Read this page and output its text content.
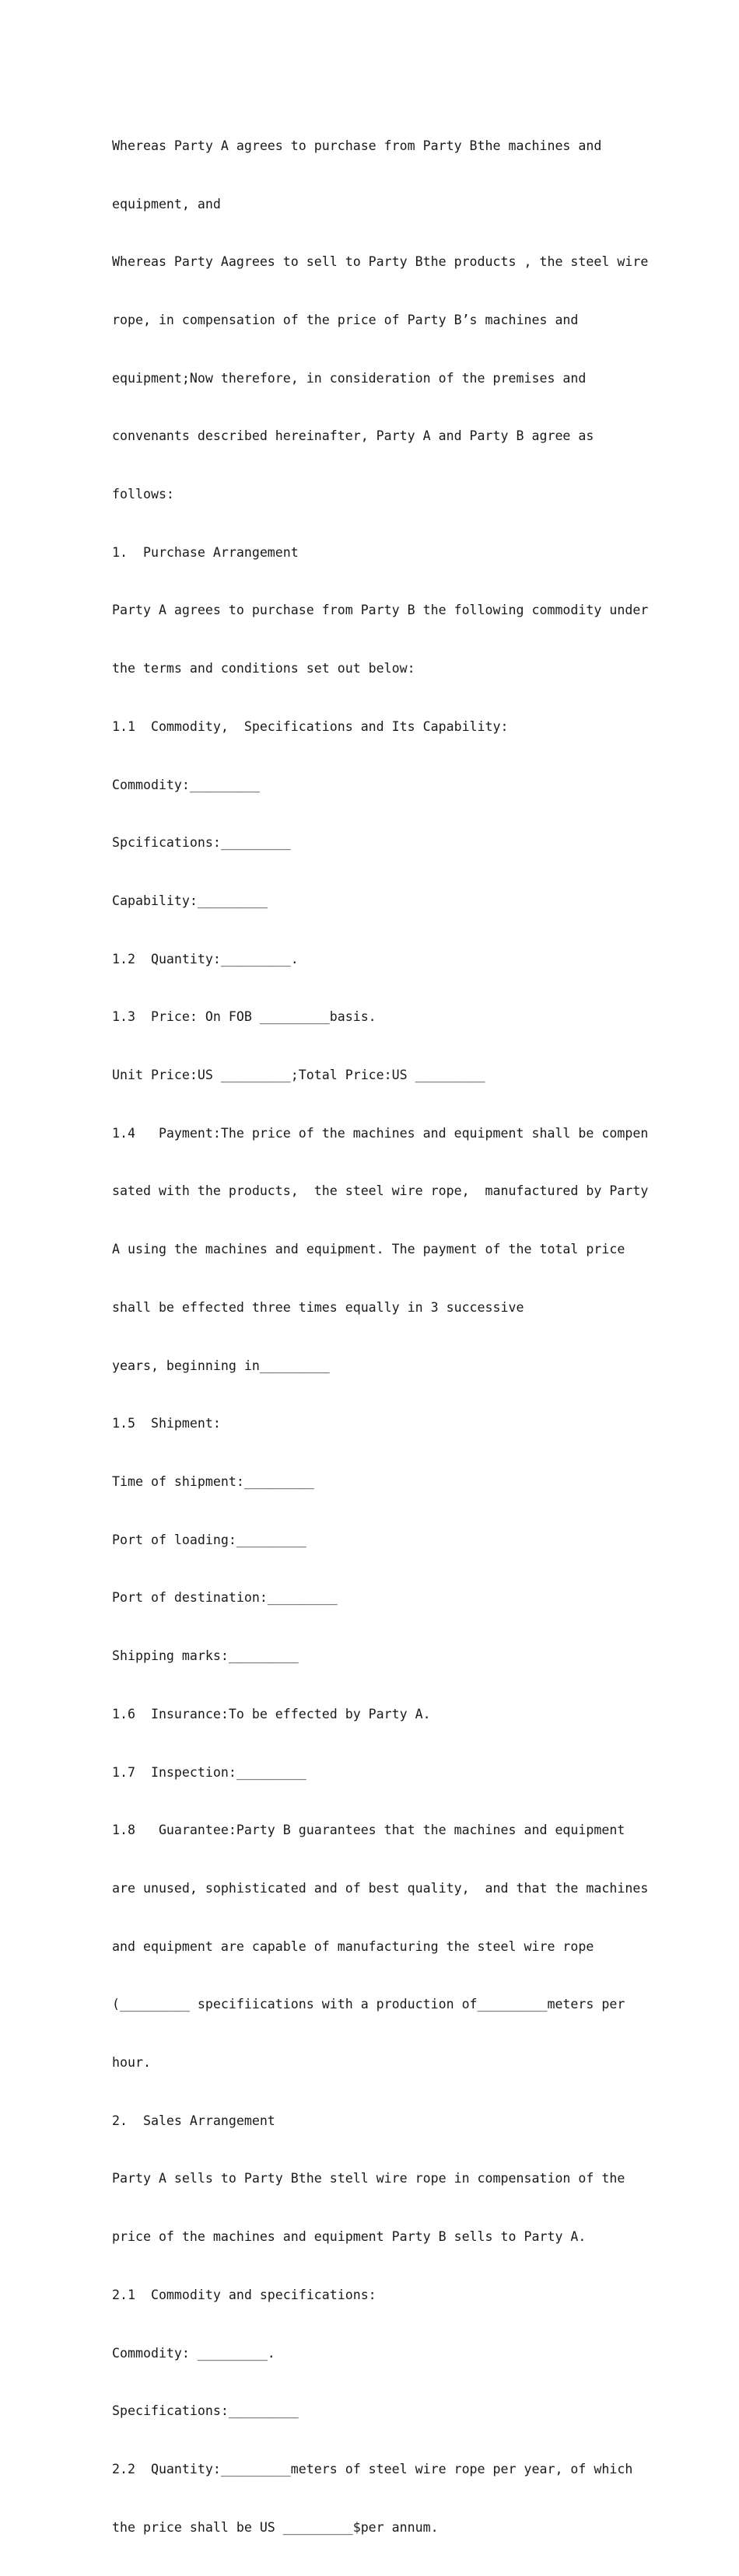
Whereas Party A agrees to purchase from Party Bthe machines and

equipment, and

Whereas Party Aagrees to sell to Party Bthe products , the steel wire

rope, in compensation of the price of Party B’s machines and

equipment;Now therefore, in consideration of the premises and

convenants described hereinafter, Party A and Party B agree as

follows:

1.  Purchase Arrangement

Party A agrees to purchase from Party B the following commodity under

the terms and conditions set out below:

1.1  Commodity,  Specifications and Its Capability:

Commodity:_________

Spcifications:_________

Capability:_________

1.2  Quantity:_________.

1.3  Price: On FOB _________basis.

Unit Price:US _________;Total Price:US _________

1.4   Payment:The price of the machines and equipment shall be compen

sated with the products,  the steel wire rope,  manufactured by Party

A using the machines and equipment. The payment of the total price

shall be effected three times equally in 3 successive

years, beginning in_________

1.5  Shipment:

Time of shipment:_________

Port of loading:_________

Port of destination:_________

Shipping marks:_________

1.6  Insurance:To be effected by Party A.

1.7  Inspection:_________

1.8   Guarantee:Party B guarantees that the machines and equipment

are unused, sophisticated and of best quality,  and that the machines

and equipment are capable of manufacturing the steel wire rope

(_________ specifiications with a production of_________meters per

hour.

2.  Sales Arrangement

Party A sells to Party Bthe stell wire rope in compensation of the

price of the machines and equipment Party B sells to Party A.

2.1  Commodity and specifications:

Commodity: _________.

Specifications:_________

2.2  Quantity:_________meters of steel wire rope per year, of which

the price shall be US _________$per annum.
